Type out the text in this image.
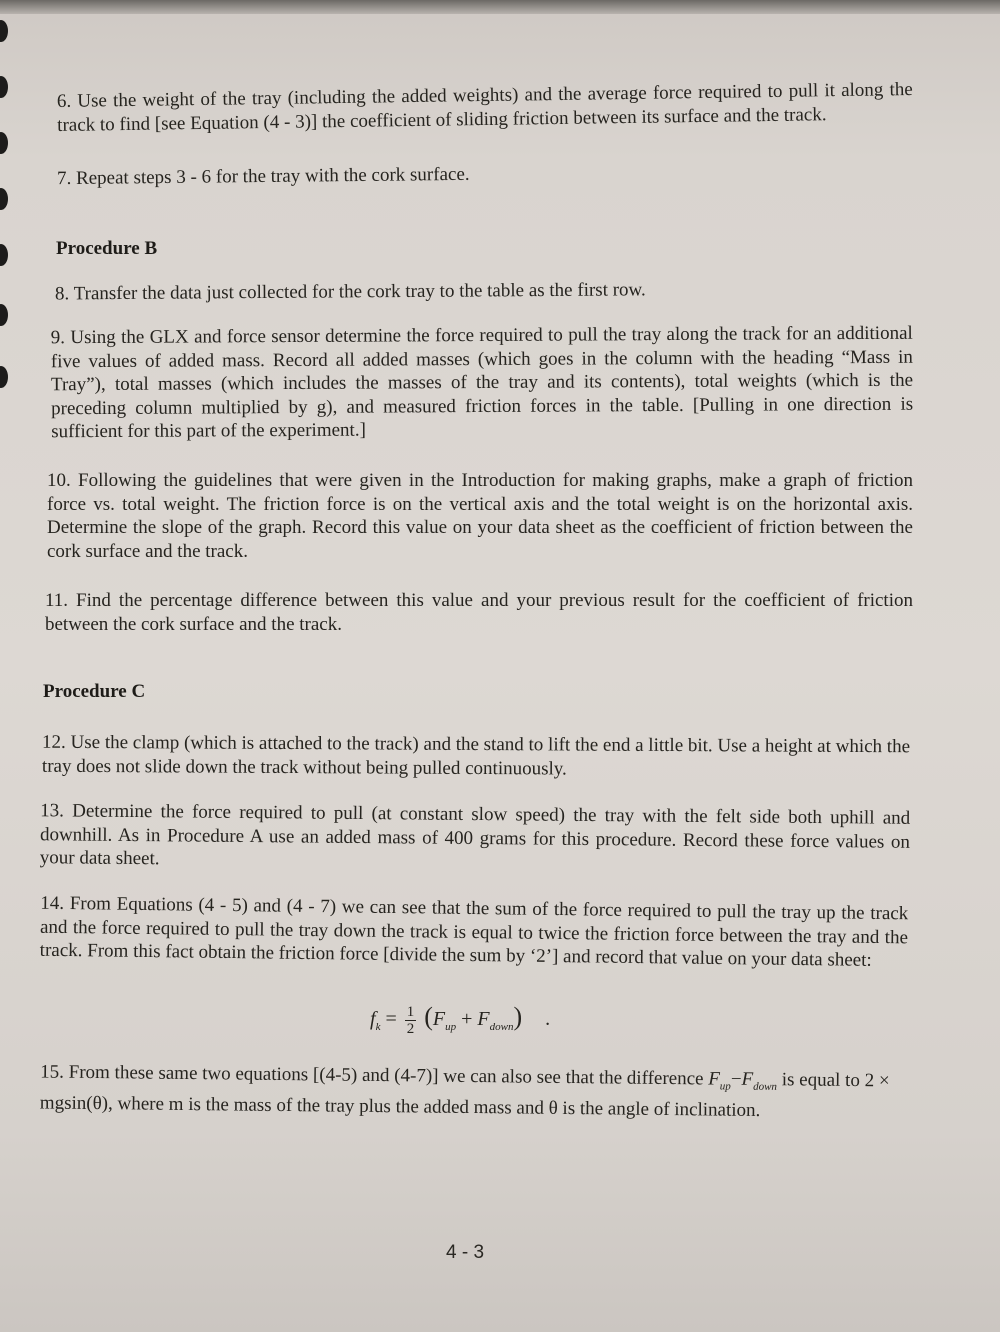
6. Use the weight of the tray (including the added weights) and the average force required to pull it along the track to find [see Equation (4 - 3)] the coefficient of sliding friction between its surface and the track.

7. Repeat steps 3 - 6 for the tray with the cork surface.

Procedure B

8. Transfer the data just collected for the cork tray to the table as the first row.

9. Using the GLX and force sensor determine the force required to pull the tray along the track for an additional five values of added mass. Record all added masses (which goes in the column with the heading “Mass in Tray”), total masses (which includes the masses of the tray and its contents), total weights (which is the preceding column multiplied by g), and measured friction forces in the table. [Pulling in one direction is sufficient for this part of the experiment.]

10. Following the guidelines that were given in the Introduction for making graphs, make a graph of friction force vs. total weight. The friction force is on the vertical axis and the total weight is on the horizontal axis. Determine the slope of the graph. Record this value on your data sheet as the coefficient of friction between the cork surface and the track.

11. Find the percentage difference between this value and your previous result for the coefficient of friction between the cork surface and the track.

Procedure C

12. Use the clamp (which is attached to the track) and the stand to lift the end a little bit. Use a height at which the tray does not slide down the track without being pulled continuously.

13. Determine the force required to pull (at constant slow speed) the tray with the felt side both uphill and downhill. As in Procedure A use an added mass of 400 grams for this procedure. Record these force values on your data sheet.

14. From Equations (4 - 5) and (4 - 7) we can see that the sum of the force required to pull the tray up the track and the force required to pull the tray down the track is equal to twice the friction force between the tray and the track. From this fact obtain the friction force [divide the sum by ‘2’] and record that value on your data sheet:

$f_k = \frac{1}{2} (F_{up} + F_{down})$ .
15. From these same two equations [(4-5) and (4-7)] we can also see that the difference $F_{up}-F_{down}$ is equal to 2 × mgsin(θ), where m is the mass of the tray plus the added mass and θ is the angle of inclination.
4 - 3
